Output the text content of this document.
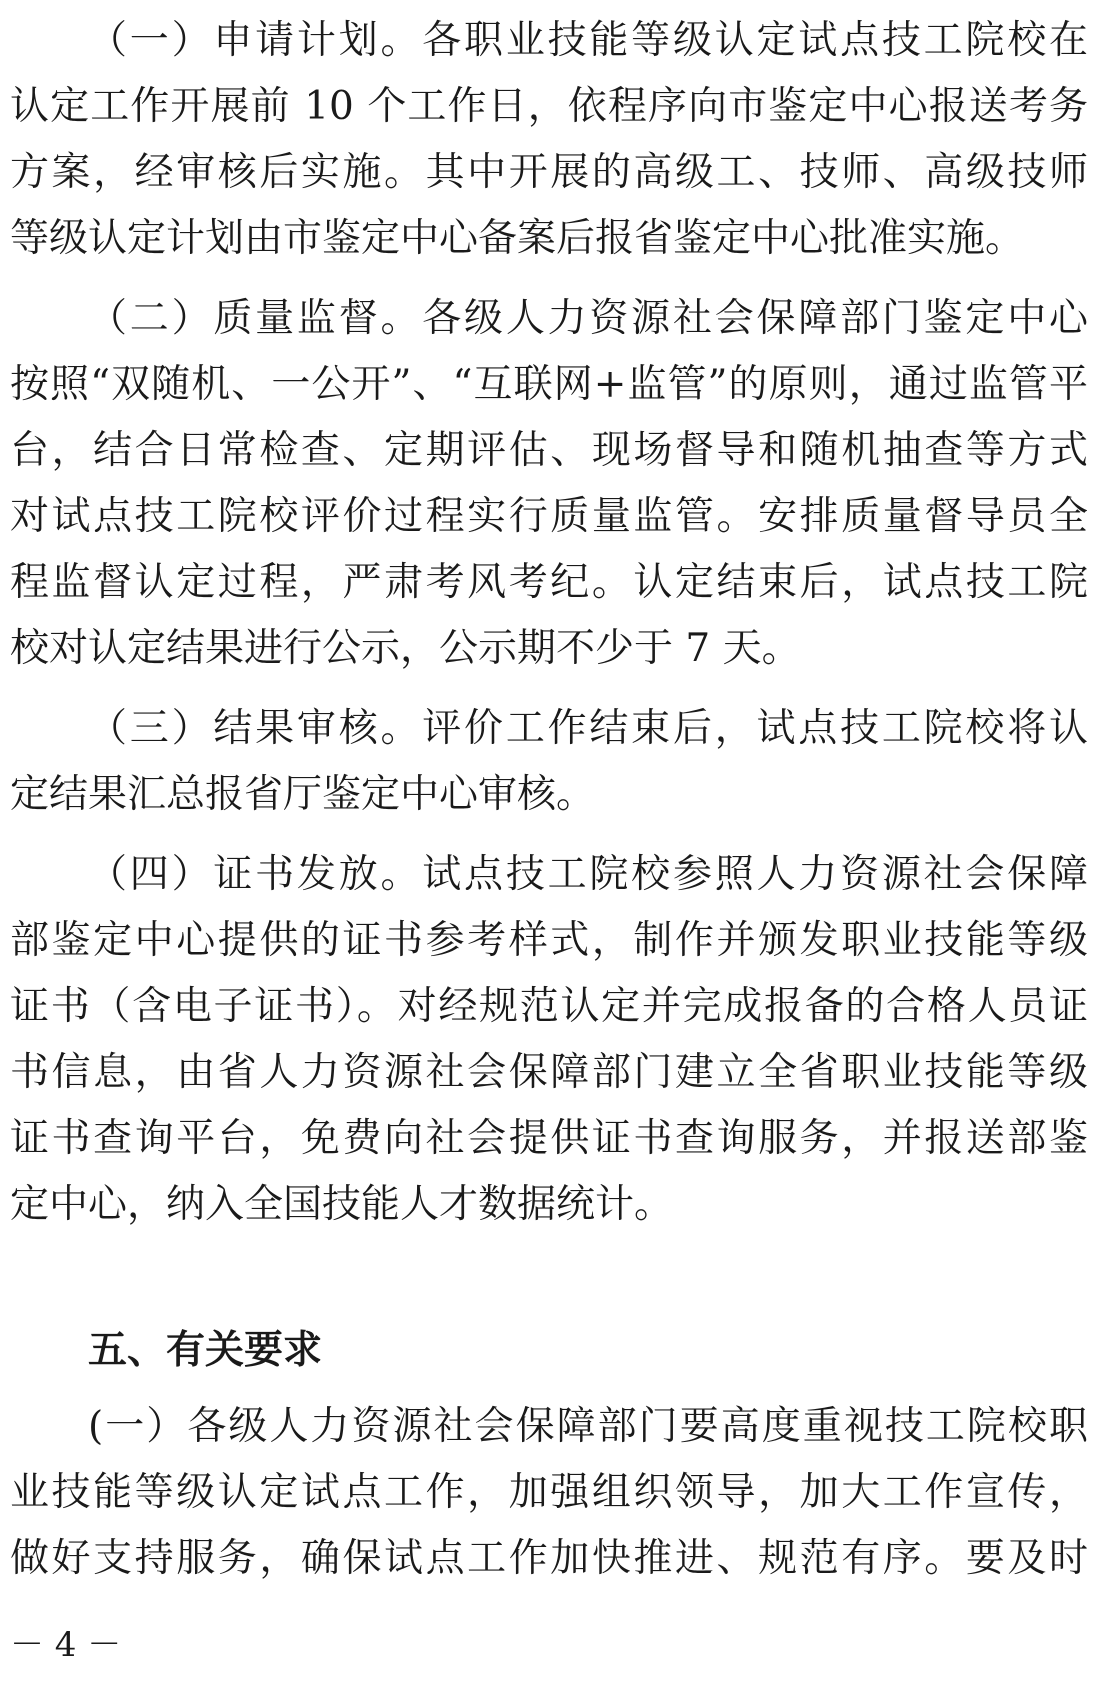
（一）申请计划。各职业技能等级认定试点技工院校在
认定工作开展前 10 个工作日，依程序向市鉴定中心报送考务
方案，经审核后实施。其中开展的高级工、技师、高级技师
等级认定计划由市鉴定中心备案后报省鉴定中心批准实施。
（二）质量监督。各级人力资源社会保障部门鉴定中心
按照“双随机、一公开”、“互联网+监管”的原则，通过监管平
台，结合日常检查、定期评估、现场督导和随机抽查等方式
对试点技工院校评价过程实行质量监管。安排质量督导员全
程监督认定过程，严肃考风考纪。认定结束后，试点技工院
校对认定结果进行公示，公示期不少于 7 天。
（三）结果审核。评价工作结束后，试点技工院校将认
定结果汇总报省厅鉴定中心审核。
（四）证书发放。试点技工院校参照人力资源社会保障
部鉴定中心提供的证书参考样式，制作并颁发职业技能等级
证书（含电子证书）。对经规范认定并完成报备的合格人员证
书信息，由省人力资源社会保障部门建立全省职业技能等级
证书查询平台，免费向社会提供证书查询服务，并报送部鉴
定中心，纳入全国技能人才数据统计。
五、有关要求
(一）各级人力资源社会保障部门要高度重视技工院校职
业技能等级认定试点工作，加强组织领导，加大工作宣传，
做好支持服务，确保试点工作加快推进、规范有序。要及时
－ 4 －
